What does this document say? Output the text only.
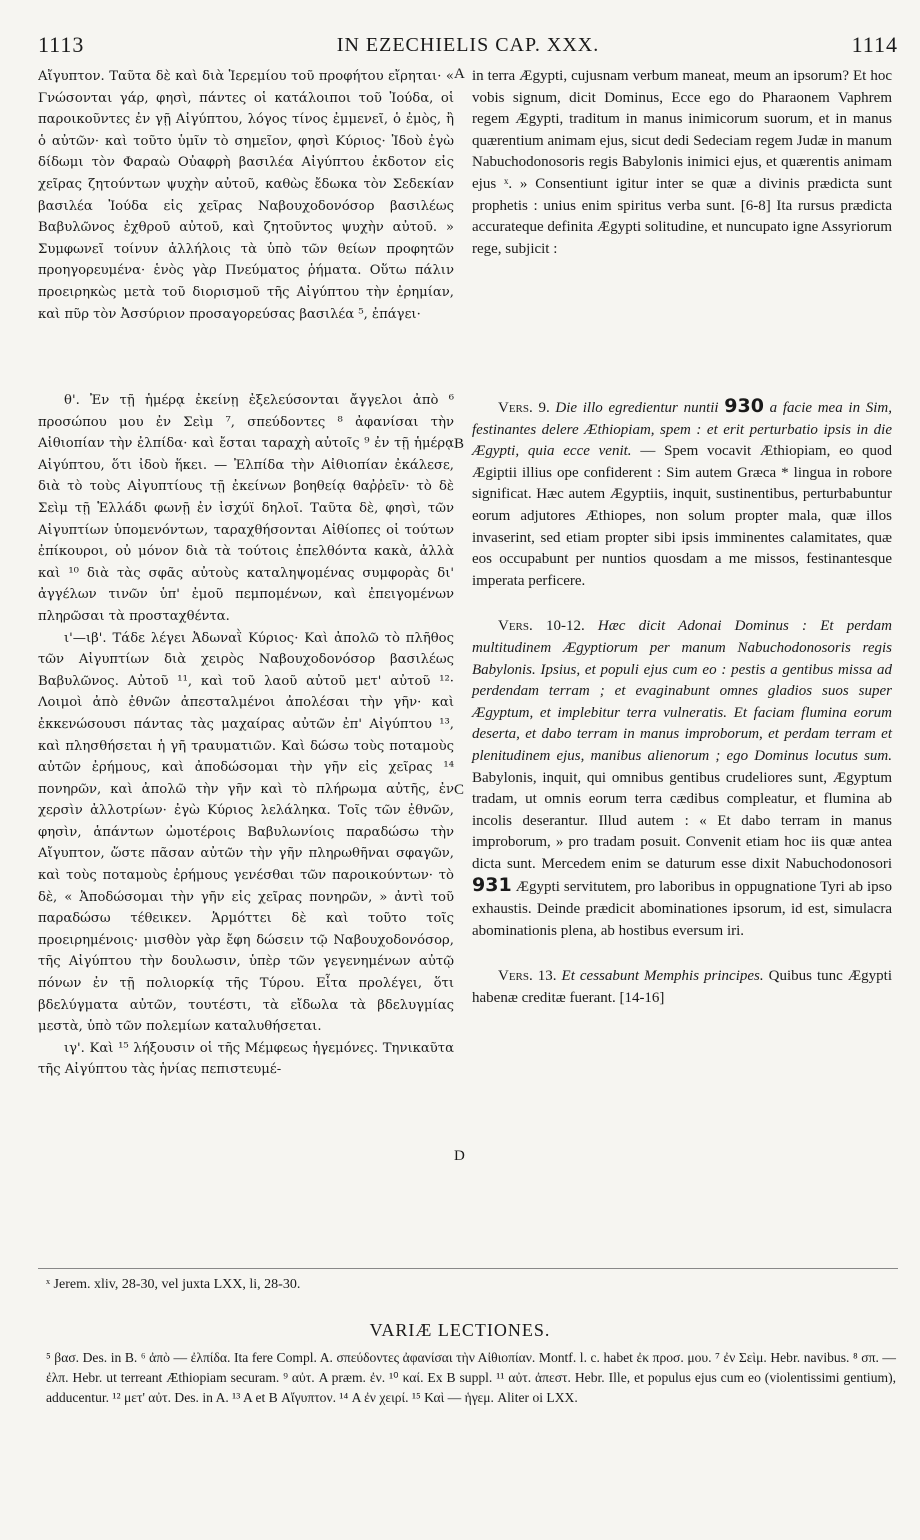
1113	IN EZECHIELIS CAP. XXX.	1114
A
B
C
D

Αἴγυπτον. Ταῦτα δὲ καὶ διὰ Ἱερεμίου τοῦ προφήτου εἴρηται· « Γνώσονται γάρ, φησὶ, πάντες οἱ κατάλοιποι τοῦ Ἰούδα, οἱ παροικοῦντες ἐν γῇ Αἰγύπτου, λόγος τίνος ἐμμενεῖ, ὁ ἐμὸς, ἢ ὁ αὐτῶν· καὶ τοῦτο ὑμῖν τὸ σημεῖον, φησὶ Κύριος· Ἰδοὺ ἐγὼ δίδωμι τὸν Φαραὼ Οὐαφρὴ βασιλέα Αἰγύπτου ἐκδοτον εἰς χεῖρας ζητούντων ψυχὴν αὐτοῦ, καθὼς ἔδωκα τὸν Σεδεκίαν βασιλέα Ἰούδα εἰς χεῖρας Ναβουχοδονόσορ βασιλέως Βαβυλῶνος ἐχθροῦ αὐτοῦ, καὶ ζητοῦντος ψυχὴν αὐτοῦ. » Συμφωνεῖ τοίνυν ἀλλήλοις τὰ ὑπὸ τῶν θείων προφητῶν προηγορευμένα· ἑνὸς γὰρ Πνεύματος ῥήματα. Οὕτω πάλιν προειρηκὼς μετὰ τοῦ διορισμοῦ τῆς Αἰγύπτου τὴν ἐρημίαν, καὶ πῦρ τὸν Ἀσσύριον προσαγορεύσας βασιλέα ⁵, ἐπάγει·

in terra Ægypti, cujusnam verbum maneat, meum an ipsorum? Et hoc vobis signum, dicit Dominus, Ecce ego do Pharaonem Vaphrem regem Ægypti, traditum in manus inimicorum suorum, et in manus quærentium animam ejus, sicut dedi Sedeciam regem Judæ in manum Nabuchodonosoris regis Babylonis inimici ejus, et quærentis animam ejus ˣ. » Consentiunt igitur inter se quæ a divinis prædicta sunt prophetis : unius enim spiritus verba sunt. [6-8] Ita rursus prædicta accurateque definita Ægypti solitudine, et nuncupato igne Assyriorum rege, subjicit :

θ'. Ἐν τῇ ἡμέρᾳ ἐκείνῃ ἐξελεύσονται ἄγγελοι ἀπὸ ⁶ προσώπου μου ἐν Σεὶμ ⁷, σπεύδοντες ⁸ ἀφανίσαι τὴν Αἰθιοπίαν τὴν ἐλπίδα· καὶ ἔσται ταραχὴ αὐτοῖς ⁹ ἐν τῇ ἡμέρᾳ Αἰγύπτου, ὅτι ἰδοὺ ἥκει. — Ἐλπίδα τὴν Αἰθιοπίαν ἐκάλεσε, διὰ τὸ τοὺς Αἰγυπτίους τῇ ἐκείνων βοηθείᾳ θαῤῥεῖν· τὸ δὲ Σεὶμ τῇ Ἑλλάδι φωνῇ ἐν ἰσχύϊ δηλοῖ. Ταῦτα δὲ, φησὶ, τῶν Αἰγυπτίων ὑπομενόντων, ταραχθήσονται Αἰθίοπες οἱ τούτων ἐπίκουροι, οὐ μόνον διὰ τὰ τούτοις ἐπελθόντα κακὰ, ἀλλὰ καὶ ¹⁰ διὰ τὰς σφᾶς αὐτοὺς καταληψομένας συμφορὰς δι' ἀγγέλων τινῶν ὑπ' ἐμοῦ πεμπομένων, καὶ ἐπειγομένων πληρῶσαι τὰ προσταχθέντα.

ι'—ιβ'. Τάδε λέγει Ἀδωναῒ Κύριος· Καὶ ἀπολῶ τὸ πλῆθος τῶν Αἰγυπτίων διὰ χειρὸς Ναβουχοδονόσορ βασιλέως Βαβυλῶνος. Αὐτοῦ ¹¹, καὶ τοῦ λαοῦ αὐτοῦ μετ' αὐτοῦ ¹²· Λοιμοὶ ἀπὸ ἐθνῶν ἀπεσταλμένοι ἀπολέσαι τὴν γῆν· καὶ ἐκκενώσουσι πάντας τὰς μαχαίρας αὐτῶν ἐπ' Αἰγύπτου ¹³, καὶ πλησθήσεται ἡ γῆ τραυματιῶν. Καὶ δώσω τοὺς ποταμοὺς αὐτῶν ἐρήμους, καὶ ἀποδώσομαι τὴν γῆν εἰς χεῖρας ¹⁴ πονηρῶν, καὶ ἀπολῶ τὴν γῆν καὶ τὸ πλήρωμα αὐτῆς, ἐν χερσὶν ἀλλοτρίων· ἐγὼ Κύριος λελάληκα. Τοῖς τῶν ἐθνῶν, φησὶν, ἁπάντων ὠμοτέροις Βαβυλωνίοις παραδώσω τὴν Αἴγυπτον, ὥστε πᾶσαν αὐτῶν τὴν γῆν πληρωθῆναι σφαγῶν, καὶ τοὺς ποταμοὺς ἐρήμους γενέσθαι τῶν παροικούντων· τὸ δὲ, « Ἀποδώσομαι τὴν γῆν εἰς χεῖρας πονηρῶν, » ἀντὶ τοῦ παραδώσω τέθεικεν. Ἁρμόττει δὲ καὶ τοῦτο τοῖς προειρημένοις· μισθὸν γὰρ ἔφη δώσειν τῷ Ναβουχοδονόσορ, τῆς Αἰγύπτου τὴν δουλωσιν, ὑπὲρ τῶν γεγενημένων αὐτῷ πόνων ἐν τῇ πολιορκίᾳ τῆς Τύρου. Εἶτα προλέγει, ὅτι βδελύγματα αὐτῶν, τουτέστι, τὰ εἴδωλα τὰ βδελυγμίας μεστὰ, ὑπὸ τῶν πολεμίων καταλυθήσεται.

ιγ'. Καὶ ¹⁵ λήξουσιν οἱ τῆς Μέμφεως ἡγεμόνες. Τηνικαῦτα τῆς Αἰγύπτου τὰς ἡνίας πεπιστευμέ-

Vers. 9. Die illo egredientur nuntii 930 a facie mea in Sim, festinantes delere Æthiopiam, spem : et erit perturbatio ipsis in die Ægypti, quia ecce venit. — Spem vocavit Æthiopiam, eo quod Ægiptii illius ope confiderent : Sim autem Græca * lingua in robore significat. Hæc autem Ægyptiis, inquit, sustinentibus, perturbabuntur eorum adjutores Æthiopes, non solum propter mala, quæ illos invaserint, sed etiam propter sibi ipsis imminentes calamitates, quæ eos occupabunt per nuntios quosdam a me missos, festinantesque imperata perficere.

Vers. 10-12. Hæc dicit Adonai Dominus : Et perdam multitudinem Ægyptiorum per manum Nabuchodonosoris regis Babylonis. Ipsius, et populi ejus cum eo : pestis a gentibus missa ad perdendam terram ; et evaginabunt omnes gladios suos super Ægyptum, et implebitur terra vulneratis. Et faciam flumina eorum deserta, et dabo terram in manus improborum, et perdam terram et plenitudinem ejus, manibus alienorum ; ego Dominus locutus sum. Babylonis, inquit, qui omnibus gentibus crudeliores sunt, Ægyptum tradam, ut omnis eorum terra cædibus compleatur, et flumina ab incolis deserantur. Illud autem : « Et dabo terram in manus improborum, » pro tradam posuit. Convenit etiam hoc iis quæ antea dicta sunt. Mercedem enim se daturum esse dixit Nabuchodonosori 931 Ægypti servitutem, pro laboribus in oppugnatione Tyri ab ipso exhaustis. Deinde prædicit abominationes ipsorum, id est, simulacra abominationis plena, ab hostibus eversum iri.

Vers. 13. Et cessabunt Memphis principes. Quibus tunc Ægypti habenæ creditæ fuerant. [14-16]

ˣ Jerem. xliv, 28-30, vel juxta LXX, li, 28-30.
VARIÆ LECTIONES.
⁵ βασ. Des. in B. ⁶ ἀπὸ — ἐλπίδα. Ita fere Compl. A. σπεύδοντες ἀφανίσαι τὴν Αἰθιοπίαν. Montf. l. c. habet ἐκ προσ. μου. ⁷ ἐν Σεὶμ. Hebr. navibus. ⁸ σπ. — ἐλπ. Hebr. ut terreant Æthiopiam securam. ⁹ αὐτ. A præm. ἐν. ¹⁰ καί. Ex B suppl. ¹¹ αὐτ. ἀπεστ. Hebr. Ille, et populus ejus cum eo (violentissimi gentium), adducentur. ¹² μετ' αὐτ. Des. in A. ¹³ A et B Αἴγυπτον. ¹⁴ A ἐν χειρί. ¹⁵ Καὶ — ἡγεμ. Aliter oi LXX.
